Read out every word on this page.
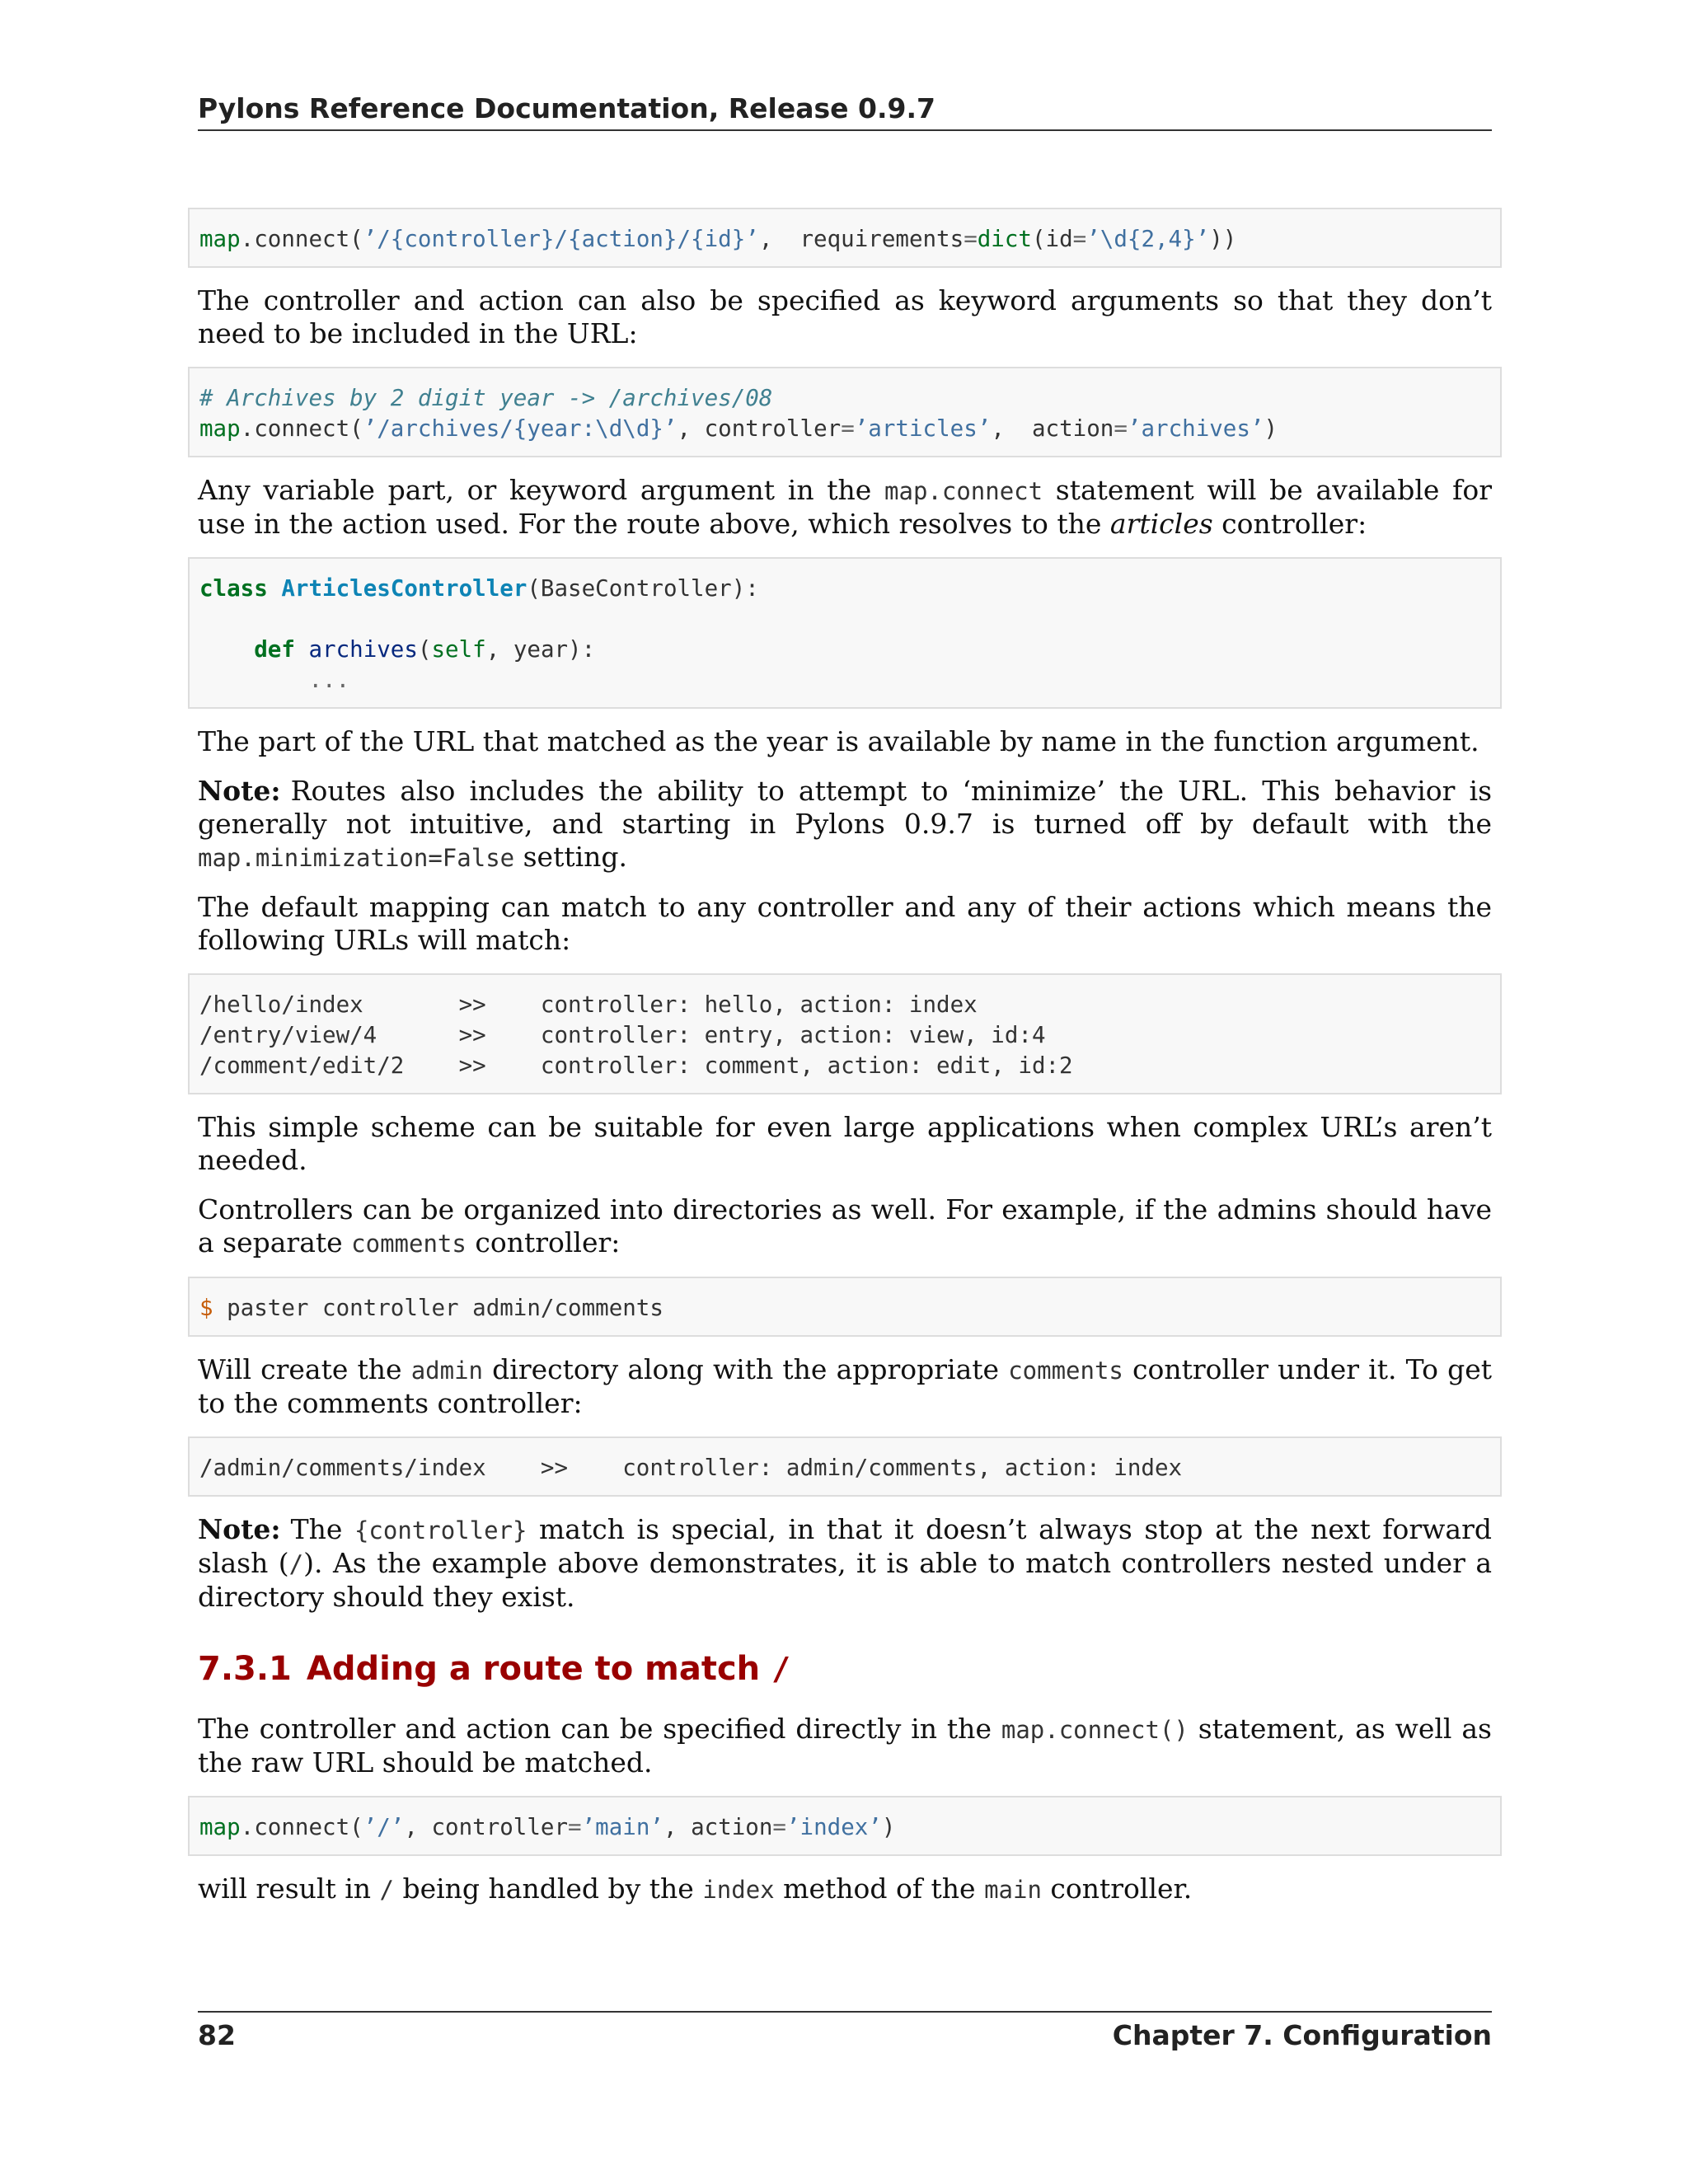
Pylons Reference Documentation, Release 0.9.7
map.connect(’/{controller}/{action}/{id}’,  requirements=dict(id=’\d{2,4}’))

The controller and action can also be specified as keyword arguments so that they don’t need to be included in the URL:

# Archives by 2 digit year -> /archives/08
map.connect(’/archives/{year:\d\d}’, controller=’articles’,  action=’archives’)

Any variable part, or keyword argument in the map.connect statement will be available for use in the action used. For the route above, which resolves to the articles controller:

class ArticlesController(BaseController):

def archives(self, year):
...

The part of the URL that matched as the year is available by name in the function argument.

Note: Routes also includes the ability to attempt to ‘minimize’ the URL. This behavior is generally not intuitive, and starting in Pylons 0.9.7 is turned off by default with the map.minimization=False setting.

The default mapping can match to any controller and any of their actions which means the following URLs will match:

/hello/index       >>    controller: hello, action: index
/entry/view/4      >>    controller: entry, action: view, id:4
/comment/edit/2    >>    controller: comment, action: edit, id:2

This simple scheme can be suitable for even large applications when complex URL’s aren’t needed.

Controllers can be organized into directories as well. For example, if the admins should have a separate comments controller:

$ paster controller admin/comments

Will create the admin directory along with the appropriate comments controller under it. To get to the comments controller:

/admin/comments/index    >>    controller: admin/comments, action: index

Note: The {controller} match is special, in that it doesn’t always stop at the next forward slash (/). As the example above demonstrates, it is able to match controllers nested under a directory should they exist.

7.3.1 Adding a route to match /

The controller and action can be specified directly in the map.connect() statement, as well as the raw URL should be matched.

map.connect(’/’, controller=’main’, action=’index’)

will result in / being handled by the index method of the main controller.

82	Chapter 7. Configuration
